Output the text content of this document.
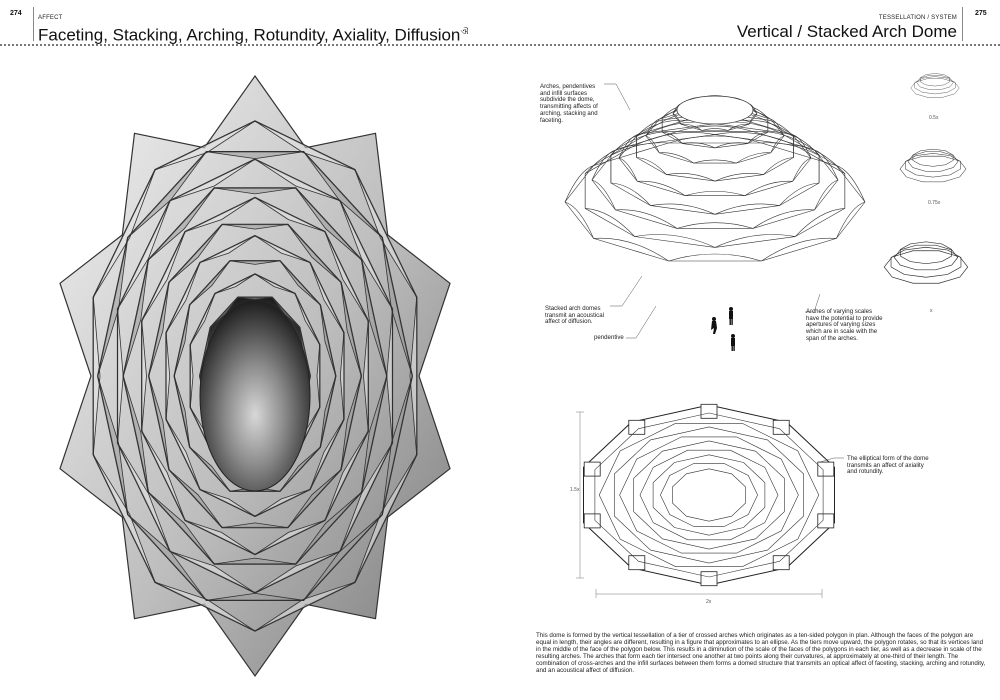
274
AFFECT
Faceting, Stacking, Arching, Rotundity, Axiality, Diffusion$^ଐ$
TESSELLATION / SYSTEM
Vertical / Stacked Arch Dome
275
0.5x
0.75x
x
Arches, pendentives and infill surfaces subdivide the dome, transmitting affects of arching, stacking and faceting.
Stacked arch domes transmit an acoustical affect of diffusion.
pendentive
Arches of varying scales have the potential to provide apertures of varying sizes which are in scale with the span of the arches.
The elliptical form of the dome transmits an affect of axiality and rotundity.
1.5x
2x
This dome is formed by the vertical tessellation of a tier of crossed arches which originates as a ten-sided polygon in plan. Although the faces of the polygon are equal in length, their angles are different, resulting in a figure that approximates to an ellipse. As the tiers move upward, the polygon rotates, so that its vertices land in the middle of the face of the polygon below. This results in a diminution of the scale of the faces of the polygons in each tier, as well as a decrease in scale of the resulting arches. The arches that form each tier intersect one another at two points along their curvatures, at approximately at one-third of their length. The combination of cross-arches and the infill surfaces between them forms a domed structure that transmits an optical affect of faceting, stacking, arching and rotundity, and an acoustical affect of diffusion.
